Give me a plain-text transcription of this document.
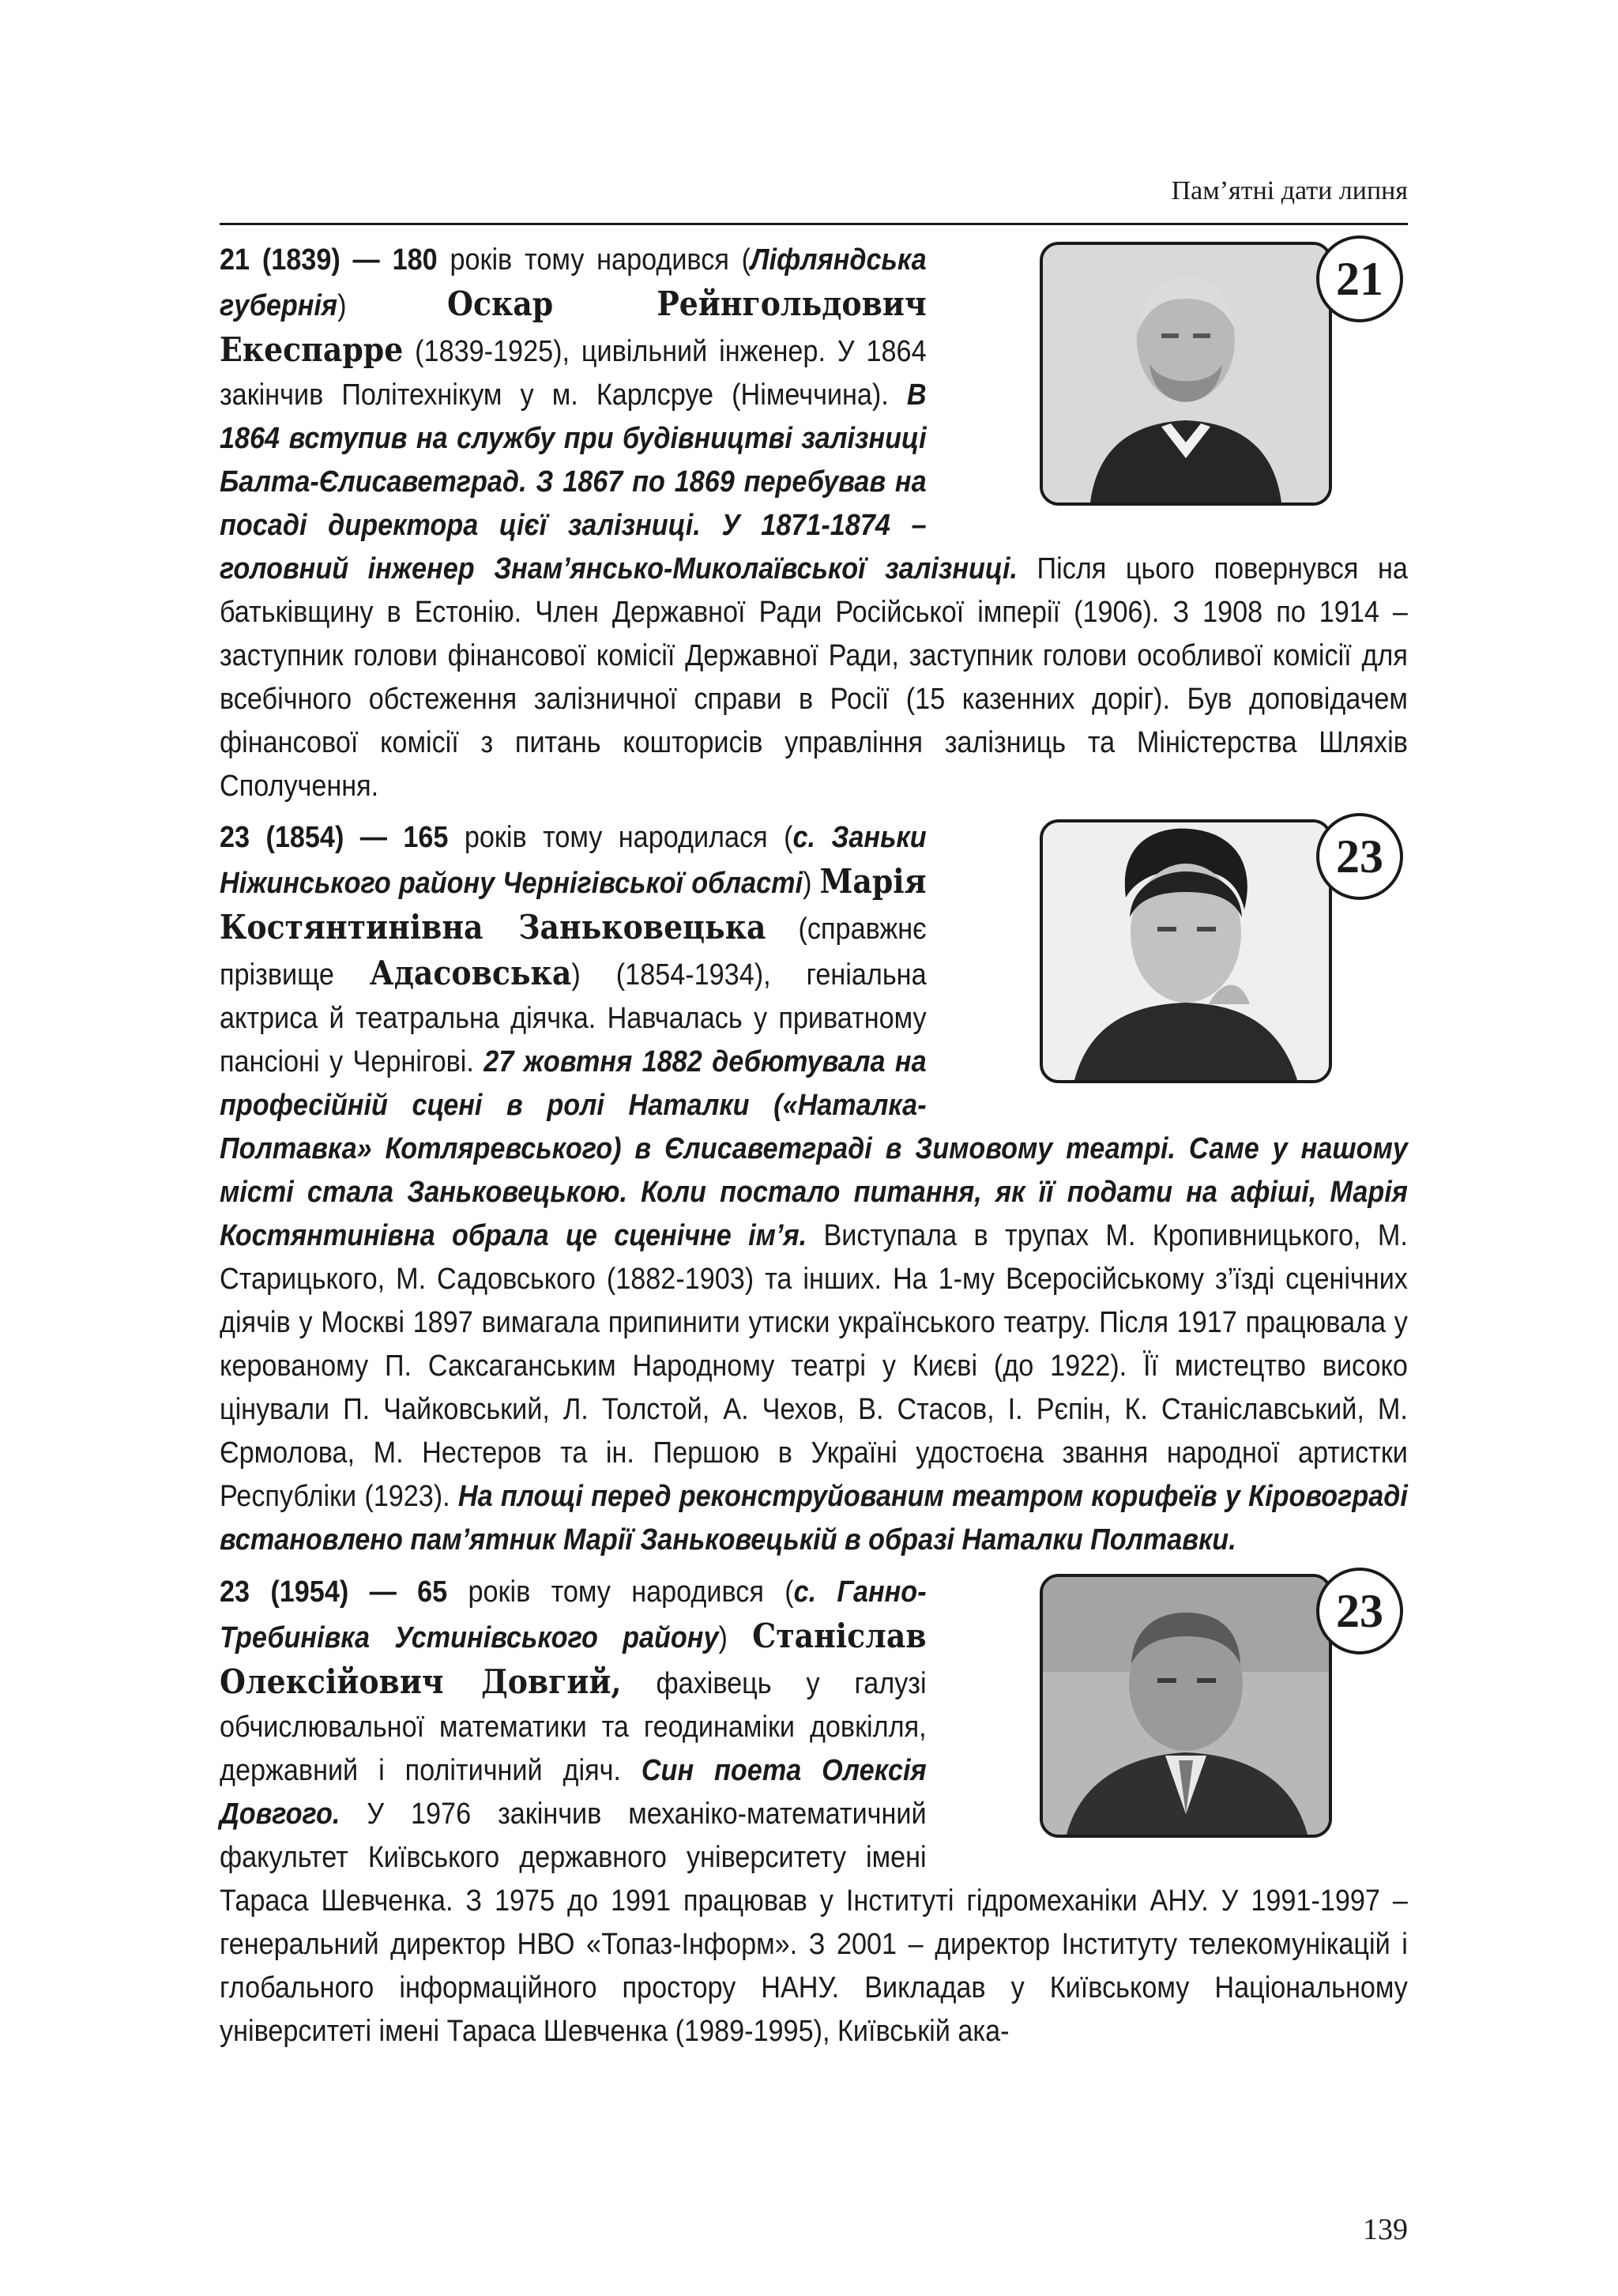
Пам’ятні дати липня
21

21 (1839) — 180 років тому народився (Ліфляндська губернія) Оскар Рейнгольдович Екеспарре (1839-1925), цивільний інженер. У 1864 закінчив Політехнікум у м. Карлсруе (Німеччина). В 1864 вступив на службу при будівництві залізниці Балта-Єлисаветград. З 1867 по 1869 перебував на посаді директора цієї залізниці. У 1871-1874 – головний інженер Знам’янсько-Миколаївської залізниці. Після цього повернувся на батьківщину в Естонію. Член Державної Ради Російської імперії (1906). З 1908 по 1914 – заступник голови фінансової комісії Державної Ради, заступник голови особливої комісії для всебічного обстеження залізничної справи в Росії (15 казенних доріг). Був доповідачем фінансової комісії з питань кошторисів управління залізниць та Міністерства Шляхів Сполучення.

23

23 (1854) — 165 років тому народилася (с. Заньки Ніжинського району Чернігівської області) Марія Костянтинівна Заньковецька (справжнє прізвище Адасовська) (1854-1934), геніальна актриса й театральна діячка. Навчалась у приватному пансіоні у Чернігові. 27 жовтня 1882 дебютувала на професійній сцені в ролі Наталки («Наталка-Полтавка» Котляревського) в Єлисаветграді в Зимовому театрі. Саме у нашому місті стала Заньковецькою. Коли постало питання, як її подати на афіші, Марія Костянтинівна обрала це сценічне ім’я. Виступала в трупах М. Кропивницького, М. Старицького, М. Садовського (1882-1903) та інших. На 1-му Всеросійському з’їзді сценічних діячів у Москві 1897 вимагала припинити утиски українського театру. Після 1917 працювала у керованому П. Саксаганським Народному театрі у Києві (до 1922). Її мистецтво високо цінували П. Чайковський, Л. Толстой, А. Чехов, В. Стасов, І. Рєпін, К. Станіславський, М. Єрмолова, М. Нестеров та ін. Першою в Україні удостоєна звання народної артистки Республіки (1923). На площі перед реконструйованим театром корифеїв у Кіровограді встановлено пам’ятник Марії Заньковецькій в образі Наталки Полтавки.

23

23 (1954) — 65 років тому народився (с. Ганно-Требинівка Устинівського району) Станіслав Олексійович Довгий, фахівець у галузі обчислювальної математики та геодинаміки довкілля, державний і політичний діяч. Син поета Олексія Довгого. У 1976 закінчив механіко-математичний факультет Київського державного університету імені Тараса Шевченка. З 1975 до 1991 працював у Інституті гідромеханіки АНУ. У 1991-1997 – генеральний директор НВО «Топаз-Інформ». З 2001 – директор Інституту телекомунікацій і глобального інформаційного простору НАНУ. Викладав у Київському Національному університеті імені Тараса Шевченка (1989-1995), Київській ака-

139
